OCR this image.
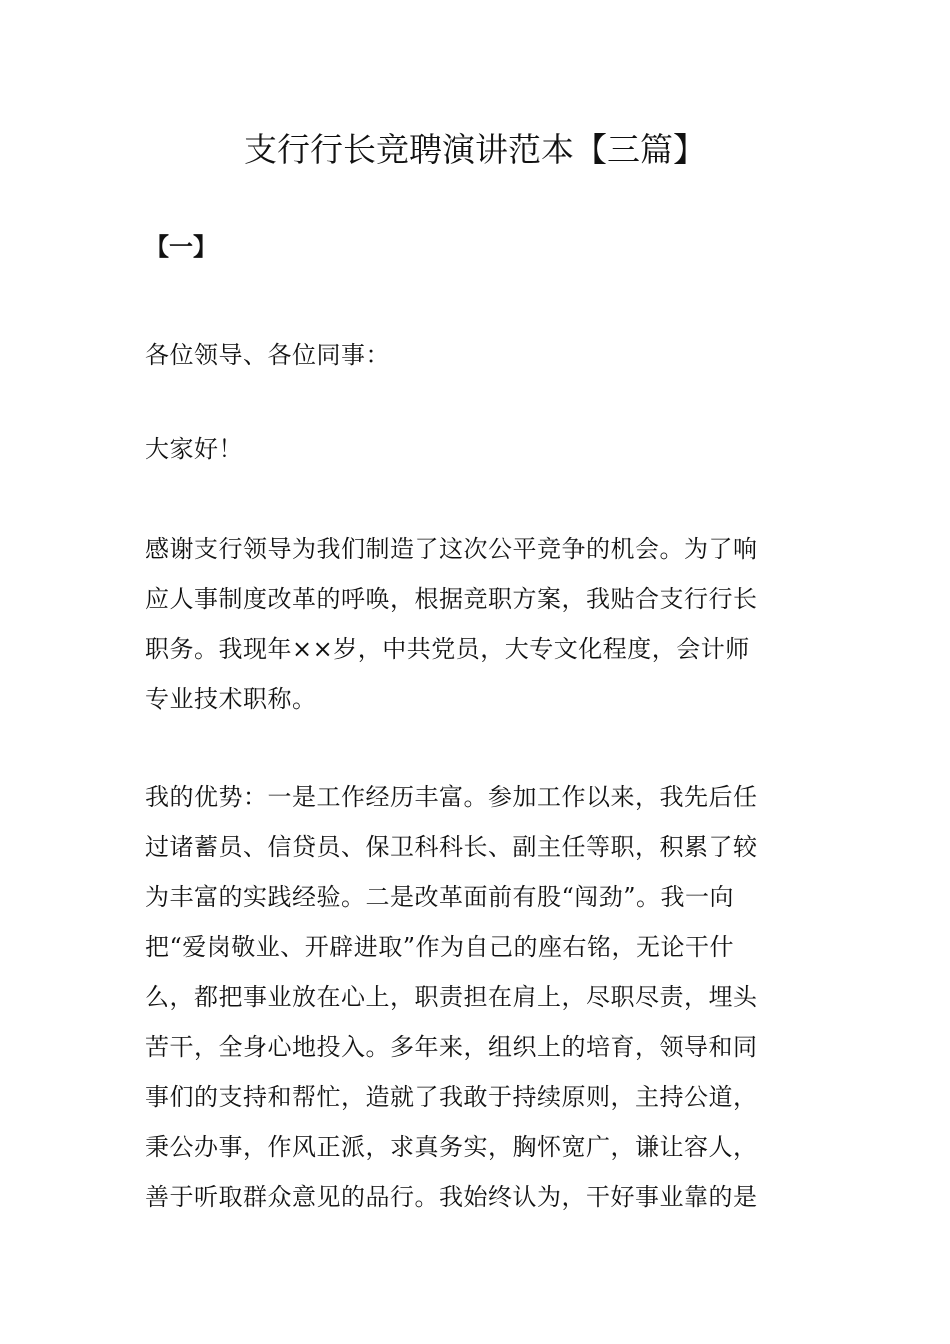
支行行长竞聘演讲范本【三篇】
【一】

各位领导、各位同事：

大家好！

感谢支行领导为我们制造了这次公平竞争的机会。为了响
应人事制度改革的呼唤，根据竞职方案，我贴合支行行长
职务。我现年××岁，中共党员，大专文化程度，会计师
专业技术职称。

我的优势：一是工作经历丰富。参加工作以来，我先后任
过诸蓄员、信贷员、保卫科科长、副主任等职，积累了较
为丰富的实践经验。二是改革面前有股“闯劲”。我一向
把“爱岗敬业、开辟进取”作为自己的座右铭，无论干什
么，都把事业放在心上，职责担在肩上，尽职尽责，埋头
苦干，全身心地投入。多年来，组织上的培育，领导和同
事们的支持和帮忙，造就了我敢于持续原则，主持公道，
秉公办事，作风正派，求真务实，胸怀宽广，谦让容人，
善于听取群众意见的品行。我始终认为，干好事业靠的是
